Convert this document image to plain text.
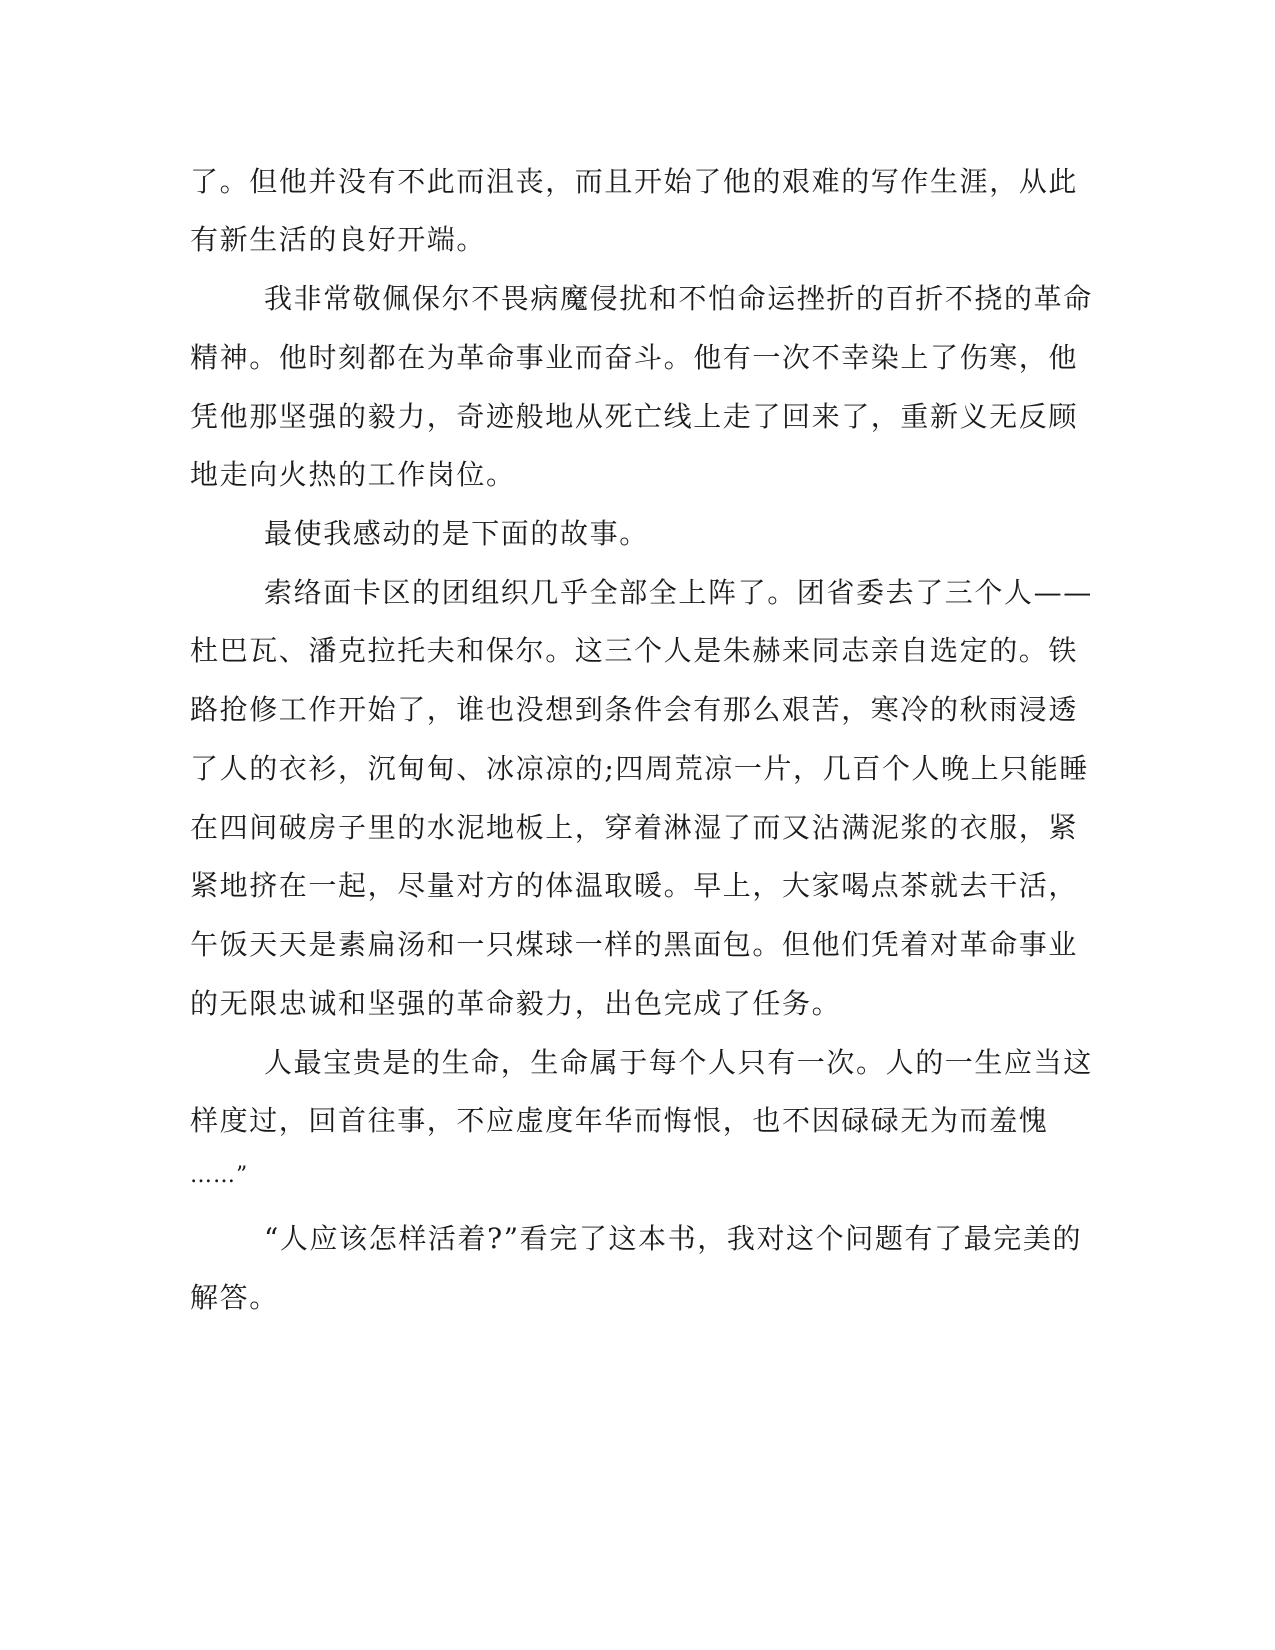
了。但他并没有不此而沮丧，而且开始了他的艰难的写作生涯，从此
有新生活的良好开端。
我非常敬佩保尔不畏病魔侵扰和不怕命运挫折的百折不挠的革命
精神。他时刻都在为革命事业而奋斗。他有一次不幸染上了伤寒，他
凭他那坚强的毅力，奇迹般地从死亡线上走了回来了，重新义无反顾
地走向火热的工作岗位。
最使我感动的是下面的故事。
索络面卡区的团组织几乎全部全上阵了。团省委去了三个人——
杜巴瓦、潘克拉托夫和保尔。这三个人是朱赫来同志亲自选定的。铁
路抢修工作开始了，谁也没想到条件会有那么艰苦，寒冷的秋雨浸透
了人的衣衫，沉甸甸、冰凉凉的;四周荒凉一片，几百个人晚上只能睡
在四间破房子里的水泥地板上，穿着淋湿了而又沾满泥浆的衣服，紧
紧地挤在一起，尽量对方的体温取暖。早上，大家喝点茶就去干活，
午饭天天是素扁汤和一只煤球一样的黑面包。但他们凭着对革命事业
的无限忠诚和坚强的革命毅力，出色完成了任务。
人最宝贵是的生命，生命属于每个人只有一次。人的一生应当这
样度过，回首往事，不应虚度年华而悔恨，也不因碌碌无为而羞愧
……”
“人应该怎样活着?”看完了这本书，我对这个问题有了最完美的
解答。
